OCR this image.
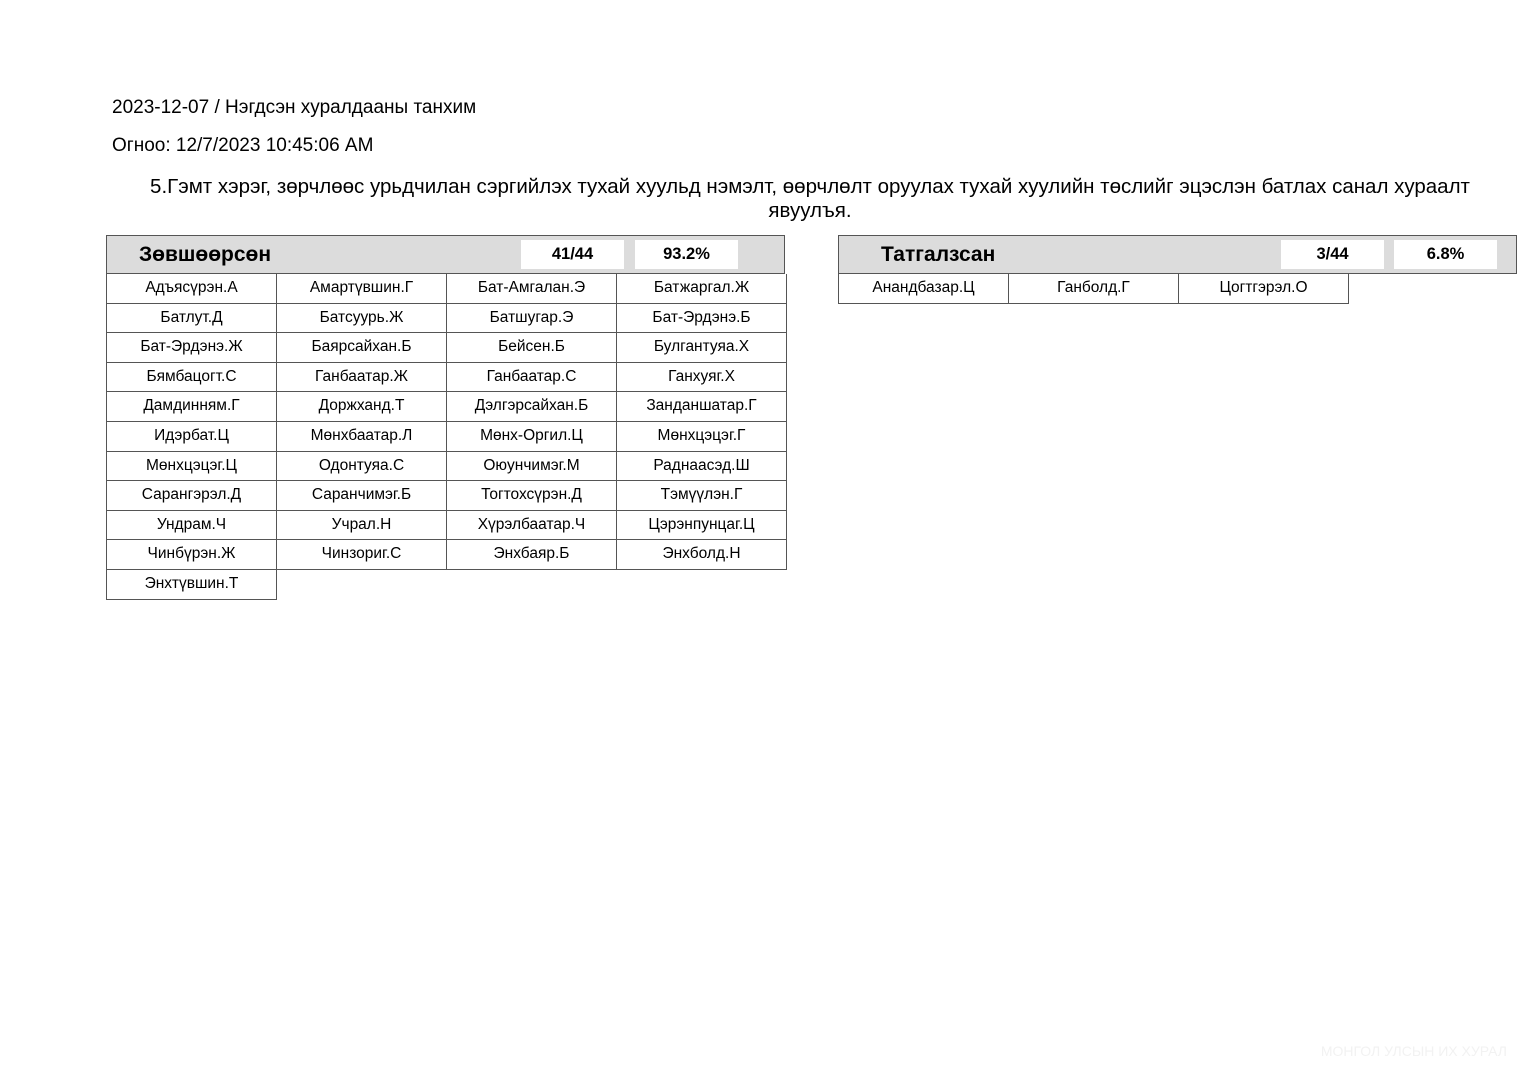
2023-12-07 / Нэгдсэн хуралдааны танхим
Огноо: 12/7/2023 10:45:06 AM
5.Гэмт хэрэг, зөрчлөөс урьдчилан сэргийлэх тухай хуульд нэмэлт, өөрчлөлт оруулах тухай хуулийн төслийг эцэслэн батлах санал хураалт явуулъя.
Зөвшөөрсөн	41/44	93.2%
Адъясүрэн.А	Амартүвшин.Г	Бат-Амгалан.Э	Батжаргал.Ж
Батлут.Д	Батсуурь.Ж	Батшугар.Э	Бат-Эрдэнэ.Б
Бат-Эрдэнэ.Ж	Баярсайхан.Б	Бейсен.Б	Булгантуяа.Х
Бямбацогт.С	Ганбаатар.Ж	Ганбаатар.С	Ганхуяг.Х
Дамдинням.Г	Доржханд.Т	Дэлгэрсайхан.Б	Занданшатар.Г
Идэрбат.Ц	Мөнхбаатар.Л	Мөнх-Оргил.Ц	Мөнхцэцэг.Г
Мөнхцэцэг.Ц	Одонтуяа.С	Оюунчимэг.М	Раднаасэд.Ш
Сарангэрэл.Д	Саранчимэг.Б	Тогтохсүрэн.Д	Тэмүүлэн.Г
Ундрам.Ч	Учрал.Н	Хүрэлбаатар.Ч	Цэрэнпунцаг.Ц
Чинбүрэн.Ж	Чинзориг.С	Энхбаяр.Б	Энхболд.Н
Энхтүвшин.Т
Татгалзсан	3/44	6.8%
Анандбазар.Ц	Ганболд.Г	Цогтгэрэл.О
МОНГОЛ УЛСЫН ИХ ХУРАЛ
